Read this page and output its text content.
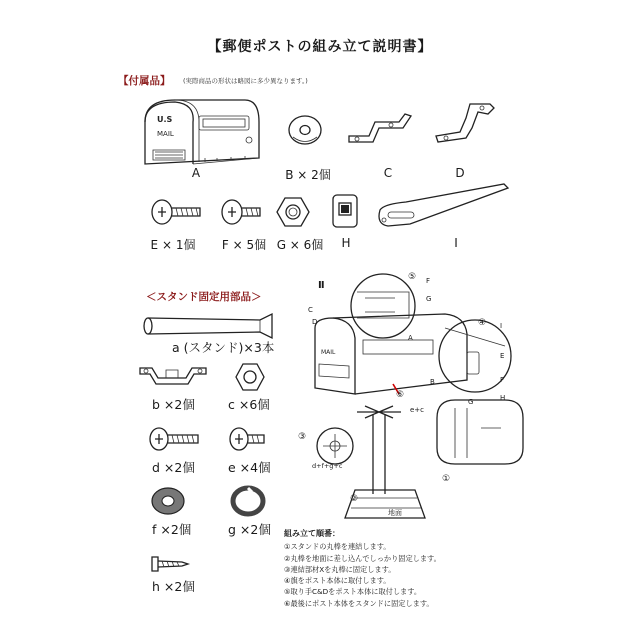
【郵便ポストの組み立て説明書】
【付属品】 (実際商品の形状は略図に多少異なります。)
U.S
MAIL
A	B × 2個	C	D
E × 1個	F × 5個 G × 6個	H	I
＜スタンド固定用部品＞
a (スタンド)×3本
b ×2個	c ×6個
d ×2個	e ×4個
f ×2個	g ×2個
h ×2個
MAIL
Ⅱ
⑤ F
G
C
D	④ I
A
E
F
B
G	H
⑥
e+c
③
d+f+g+c
①
②
地面
組み立て順番：
①スタンドの丸棒を連結します。
②丸棒を地面に差し込んでしっかり固定します。
③連結部材Xを丸棒に固定します。
④旗をポスト本体に取付します。
⑤取り手C&Dをポスト本体に取付します。
⑥最後にポスト本体をスタンドに固定します。
